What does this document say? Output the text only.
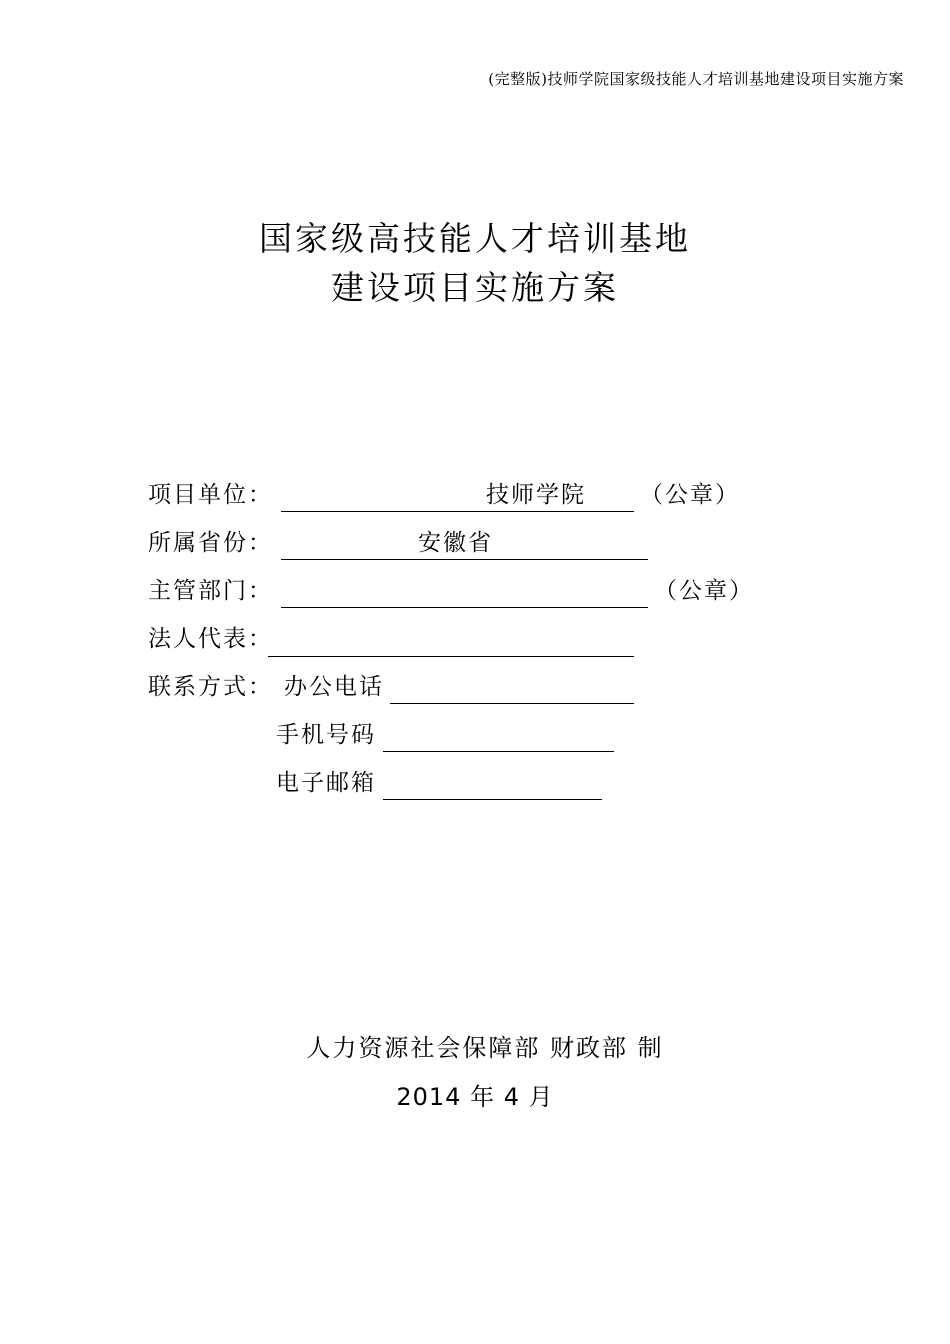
(完整版)技师学院国家级技能人才培训基地建设项目实施方案
国家级高技能人才培训基地
建设项目实施方案
项目单位：	技师学院 （公章）
所属省份：	安徽省
主管部门：	（公章）
法人代表：
联系方式： 办公电话
手机号码
电子邮箱
人力资源社会保障部 财政部 制
2014 年 4 月
